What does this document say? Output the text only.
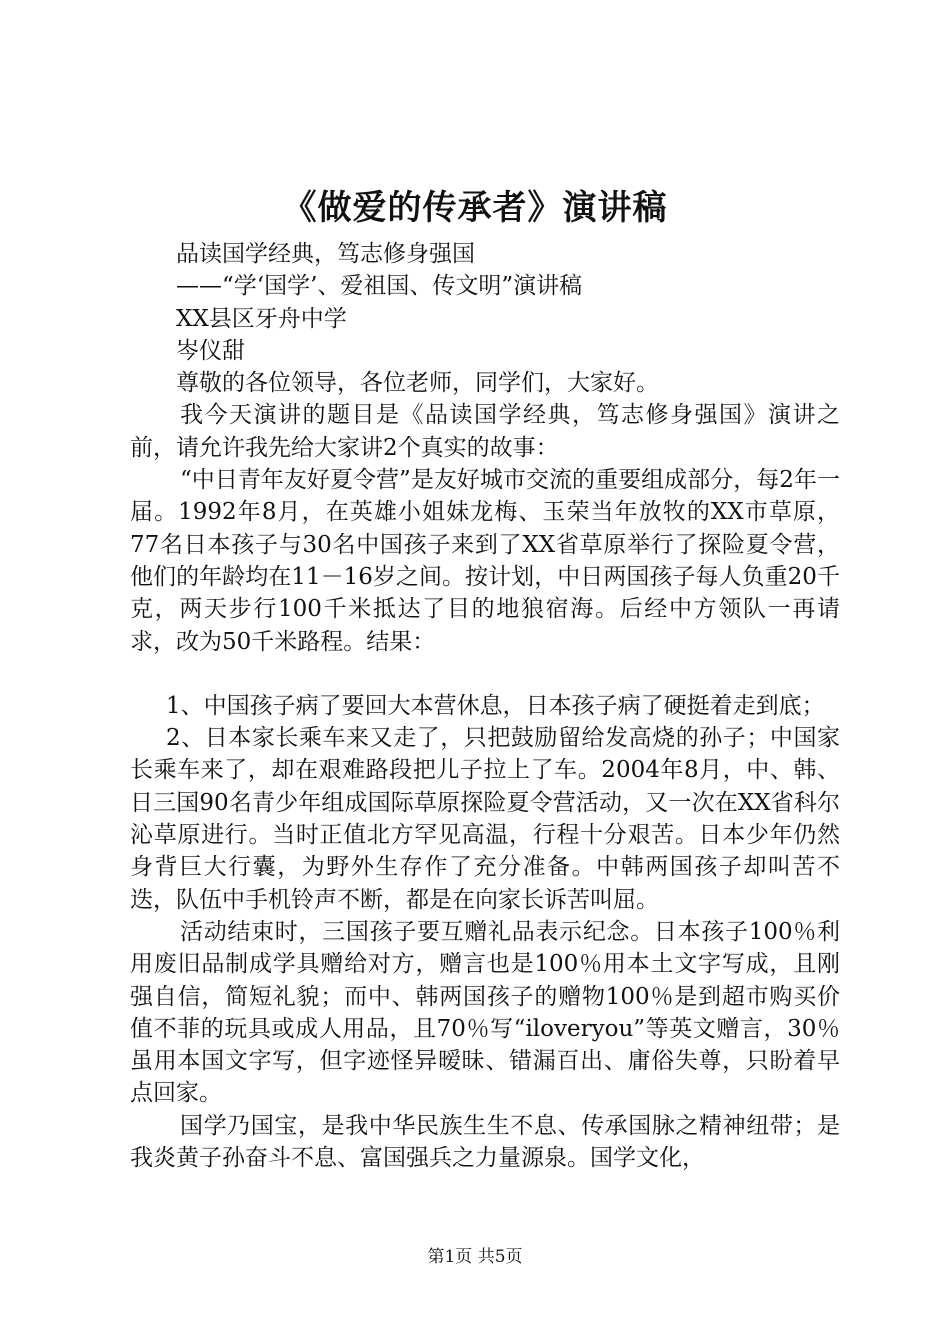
《做爱的传承者》演讲稿

品读国学经典，笃志修身强国

——“学‘国学’、爱祖国、传文明”演讲稿

XX县区牙舟中学

岑仪甜

尊敬的各位领导，各位老师，同学们，大家好。

我今天演讲的题目是《品读国学经典，笃志修身强国》演讲之前，请允许我先给大家讲2个真实的故事：

“中日青年友好夏令营”是友好城市交流的重要组成部分，每2年一届。1992年8月，在英雄小姐妹龙梅、玉荣当年放牧的XX市草原，77名日本孩子与30名中国孩子来到了XX省草原举行了探险夏令营，他们的年龄均在11－16岁之间。按计划，中日两国孩子每人负重20千克，两天步行100千米抵达了目的地狼宿海。后经中方领队一再请求，改为50千米路程。结果：

1、中国孩子病了要回大本营休息，日本孩子病了硬挺着走到底；

2、日本家长乘车来又走了，只把鼓励留给发高烧的孙子；中国家长乘车来了，却在艰难路段把儿子拉上了车。2004年8月，中、韩、日三国90名青少年组成国际草原探险夏令营活动，又一次在XX省科尔沁草原进行。当时正值北方罕见高温，行程十分艰苦。日本少年仍然身背巨大行囊，为野外生存作了充分准备。中韩两国孩子却叫苦不迭，队伍中手机铃声不断，都是在向家长诉苦叫屈。

活动结束时，三国孩子要互赠礼品表示纪念。日本孩子100％利用废旧品制成学具赠给对方，赠言也是100％用本土文字写成，且刚强自信，简短礼貌；而中、韩两国孩子的赠物100％是到超市购买价值不菲的玩具或成人用品，且70％写“iloveryou”等英文赠言，30％虽用本国文字写，但字迹怪异暧昧、错漏百出、庸俗失尊，只盼着早点回家。

国学乃国宝，是我中华民族生生不息、传承国脉之精神纽带；是我炎黄子孙奋斗不息、富国强兵之力量源泉。国学文化，

第1页 共5页
